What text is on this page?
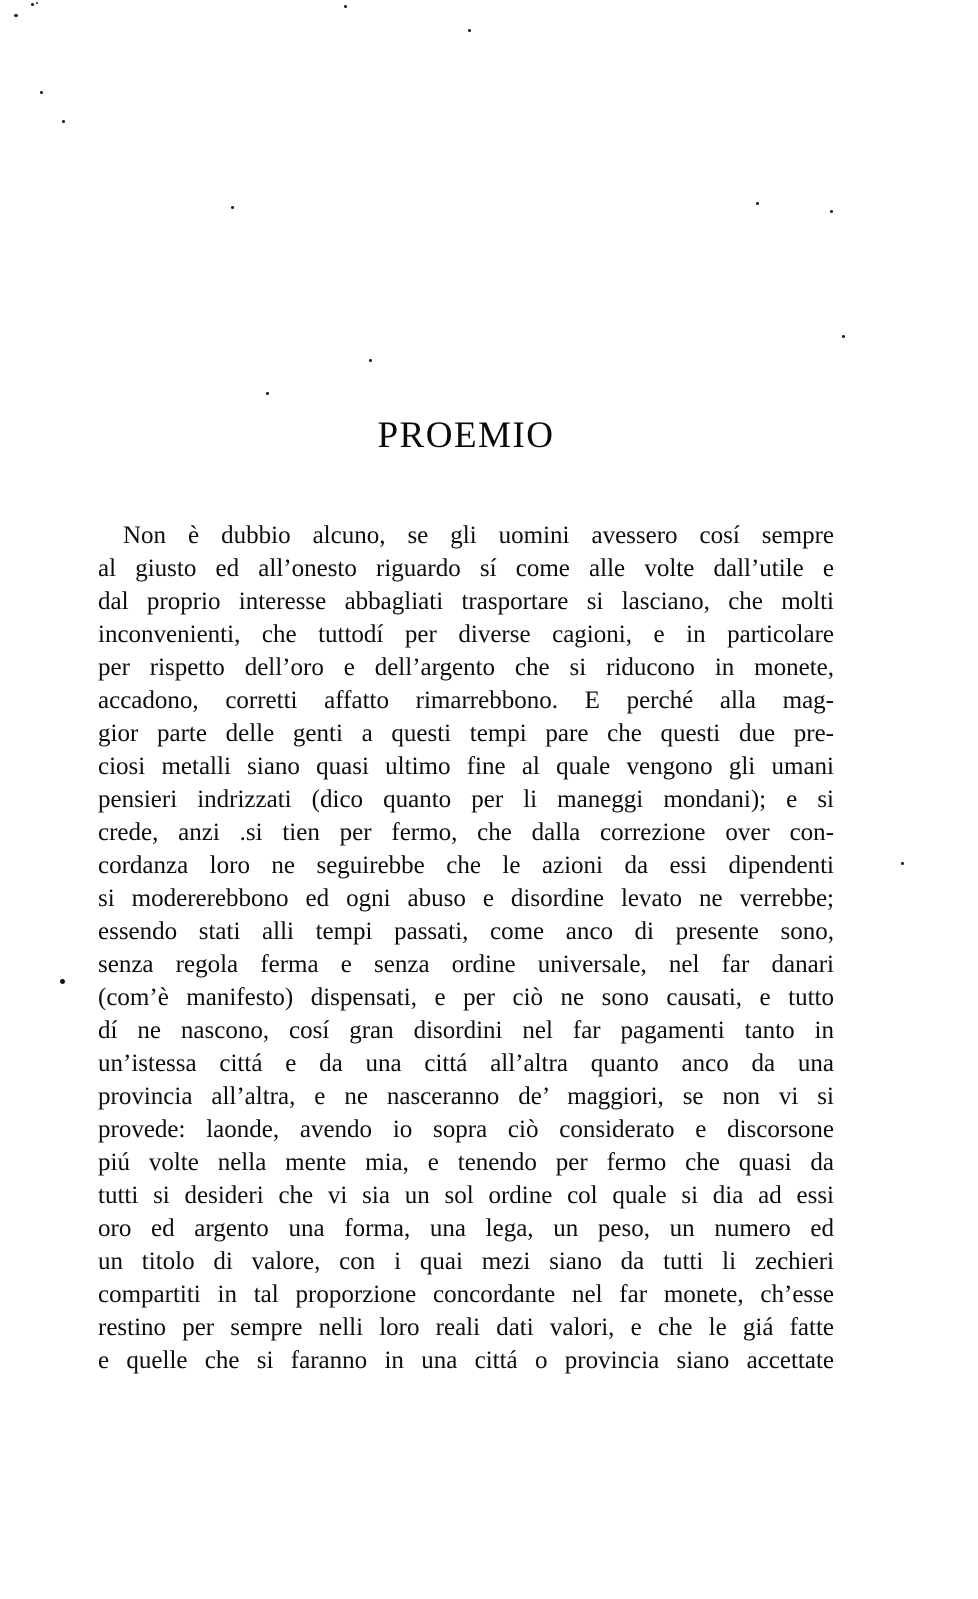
PROEMIO
Non è dubbio alcuno, se gli uomini avessero cosí sempre
al giusto ed all’onesto riguardo sí come alle volte dall’utile e
dal proprio interesse abbagliati trasportare si lasciano, che molti
inconvenienti, che tuttodí per diverse cagioni, e in particolare
per rispetto dell’oro e dell’argento che si riducono in monete,
accadono, corretti affatto rimarrebbono. E perché alla mag-
gior parte delle genti a questi tempi pare che questi due pre-
ciosi metalli siano quasi ultimo fine al quale vengono gli umani
pensieri indrizzati (dico quanto per li maneggi mondani); e si
crede, anzi .si tien per fermo, che dalla correzione over con-
cordanza loro ne seguirebbe che le azioni da essi dipendenti
si modererebbono ed ogni abuso e disordine levato ne verrebbe;
essendo stati alli tempi passati, come anco di presente sono,
senza regola ferma e senza ordine universale, nel far danari
(com’è manifesto) dispensati, e per ciò ne sono causati, e tutto
dí ne nascono, cosí gran disordini nel far pagamenti tanto in
un’istessa cittá e da una cittá all’altra quanto anco da una
provincia all’altra, e ne nasceranno de’ maggiori, se non vi si
provede: laonde, avendo io sopra ciò considerato e discorsone
piú volte nella mente mia, e tenendo per fermo che quasi da
tutti si desideri che vi sia un sol ordine col quale si dia ad essi
oro ed argento una forma, una lega, un peso, un numero ed
un titolo di valore, con i quai mezi siano da tutti li zechieri
compartiti in tal proporzione concordante nel far monete, ch’esse
restino per sempre nelli loro reali dati valori, e che le giá fatte
e quelle che si faranno in una cittá o provincia siano accettate
